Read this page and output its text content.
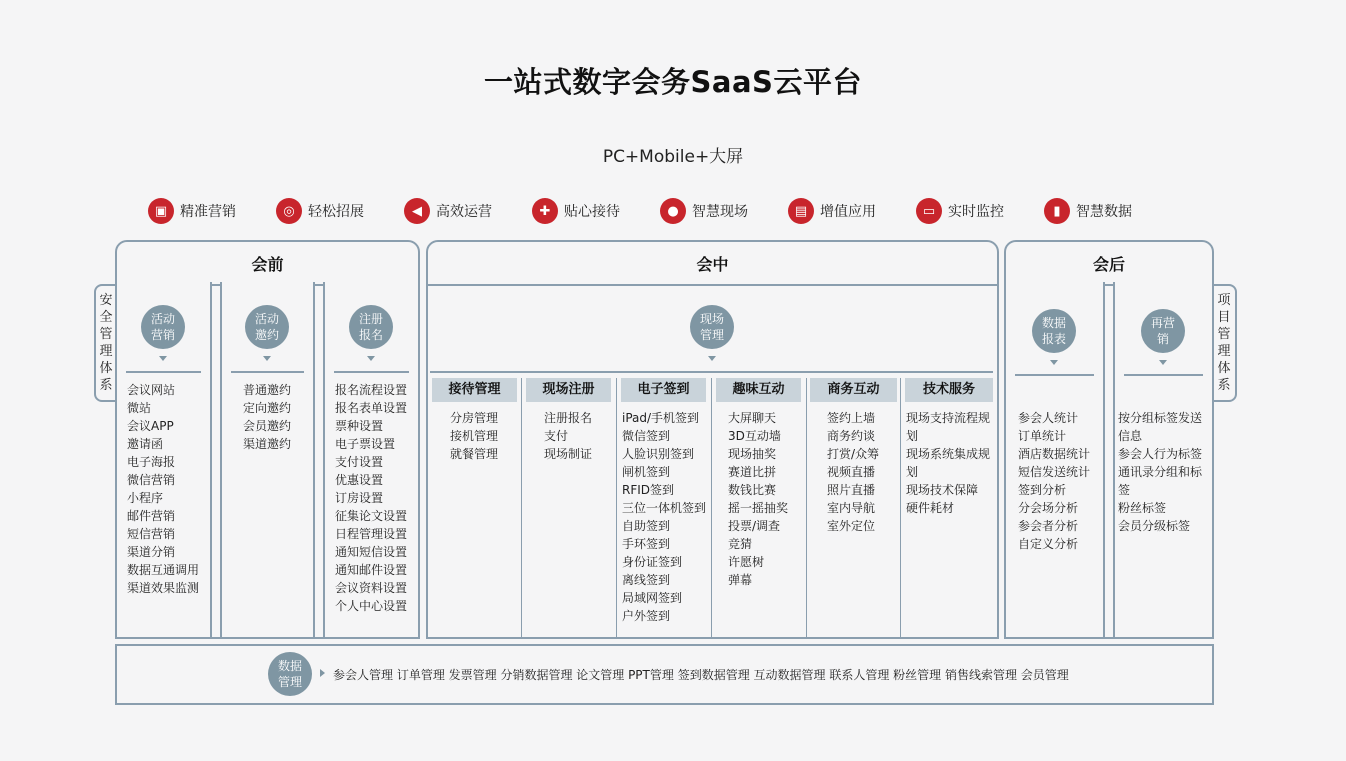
一站式数字会务SaaS云平台
PC+Mobile+大屏
▣ 精准营销	◎ 轻松招展	◀	高效运营	✚ 贴心接待	● 智慧现场	▤ 增值应用	▭ 实时监控	▮	智慧数据
安
全
管
理
体
系
项
目
管
理
体
系
会前	会中	会后
活动
营销
活动
邀约
注册
报名
现场
管理
数据
报表
再营
销
会议网站
微站
会议APP
邀请函
电子海报
微信营销
小程序
邮件营销
短信营销
渠道分销
数据互通调用
渠道效果监测
普通邀约
定向邀约
会员邀约
渠道邀约
报名流程设置
报名表单设置
票种设置
电子票设置
支付设置
优惠设置
订房设置
征集论文设置
日程管理设置
通知短信设置
通知邮件设置
会议资料设置
个人中心设置
接待管理	现场注册	电子签到	趣味互动	商务互动	技术服务
分房管理
接机管理
就餐管理
注册报名
支付
现场制证
iPad/手机签到
微信签到
人脸识别签到
闸机签到
RFID签到
三位一体机签到
自助签到
手环签到
身份证签到
离线签到
局域网签到
户外签到
大屏聊天
3D互动墙
现场抽奖
赛道比拼
数钱比赛
摇一摇抽奖
投票/调查
竞猜
许愿树
弹幕
签约上墙
商务约谈
打赏/众筹
视频直播
照片直播
室内导航
室外定位
现场支持流程规划
现场系统集成规划
现场技术保障
硬件耗材
参会人统计
订单统计
酒店数据统计
短信发送统计
签到分析
分会场分析
参会者分析
自定义分析
按分组标签发送信息
参会人行为标签
通讯录分组和标签
粉丝标签
会员分级标签
数据
管理	参会人管理 订单管理 发票管理 分销数据管理 论文管理 PPT管理 签到数据管理 互动数据管理 联系人管理 粉丝管理 销售线索管理 会员管理
